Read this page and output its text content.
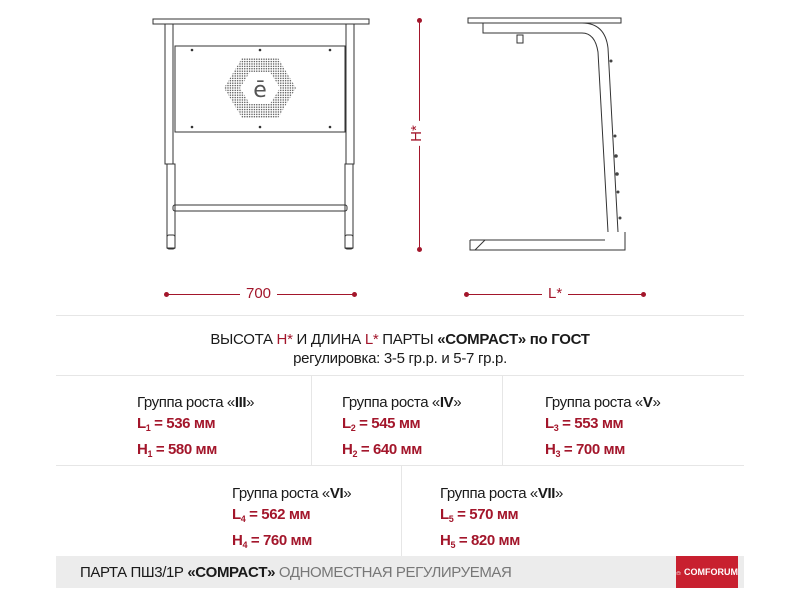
ē
700
H*
L*
ВЫСОТА H* И ДЛИНА L* ПАРТЫ «COMPACT» по ГОСТ
регулировка: 3-5 гр.р. и 5-7 гр.р.
Группа роста «III»
$L_1 = 536$ мм
$H_1 = 580$ мм
Группа роста «IV»
$L_2 = 545$ мм
$H_2 = 640$ мм
Группа роста «V»
$L_3 = 553$ мм
$H_3 = 700$ мм
Группа роста «VI»
$L_4 = 562$ мм
$H_4 = 760$ мм
Группа роста «VII»
$L_5 = 570$ мм
$H_5 = 820$ мм
ПАРТА ПШ3/1Р «COMPACT» ОДНОМЕСТНАЯ РЕГУЛИРУЕМАЯ	COMFORUM
